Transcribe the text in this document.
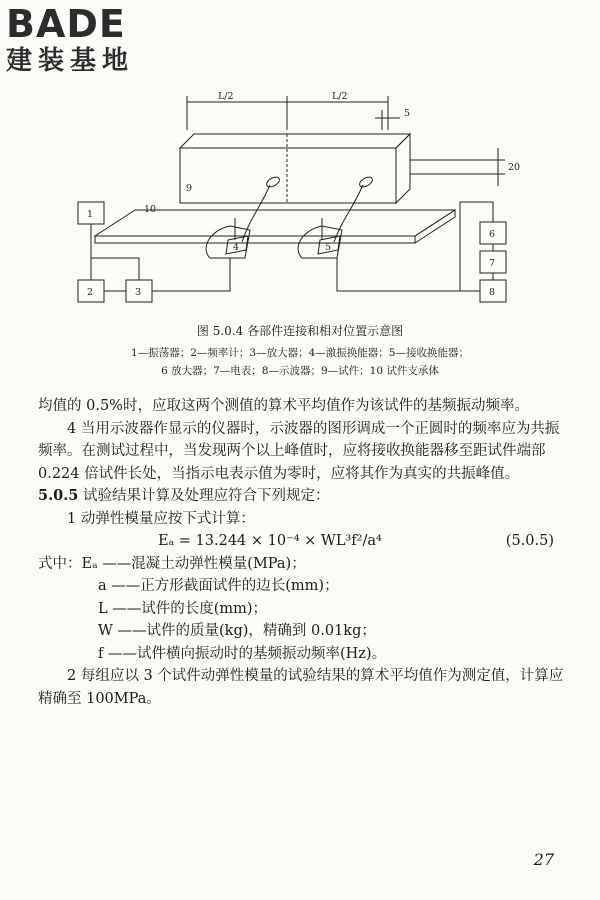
BADE
建装基地
L/2	L/2
5
20
1
2	3
4	5
6
7
8
9
10
图 5.0.4 各部件连接和相对位置示意图
1—振荡器；2—频率计；3—放大器；4—激振换能器；5—接收换能器；
6 放大器；7—电表；8—示波器；9—试件；10 试件支承体

均值的 0.5%时，应取这两个测值的算术平均值作为该试件的基频振动频率。

4 当用示波器作显示的仪器时，示波器的图形调成一个正圆时的频率应为共振频率。在测试过程中，当发现两个以上峰值时，应将接收换能器移至距试件端部 0.224 倍试件长处，当指示电表示值为零时，应将其作为真实的共振峰值。

5.0.5 试验结果计算及处理应符合下列规定：

1 动弹性模量应按下式计算：

Eₐ = 13.244 × 10⁻⁴ × WL³f²/a⁴	(5.0.5)

式中：Eₐ ——混凝土动弹性模量(MPa)；

a ——正方形截面试件的边长(mm)；

L ——试件的长度(mm)；

W ——试件的质量(kg)，精确到 0.01kg；

f ——试件横向振动时的基频振动频率(Hz)。

2 每组应以 3 个试件动弹性模量的试验结果的算术平均值作为测定值，计算应精确至 100MPa。

27
